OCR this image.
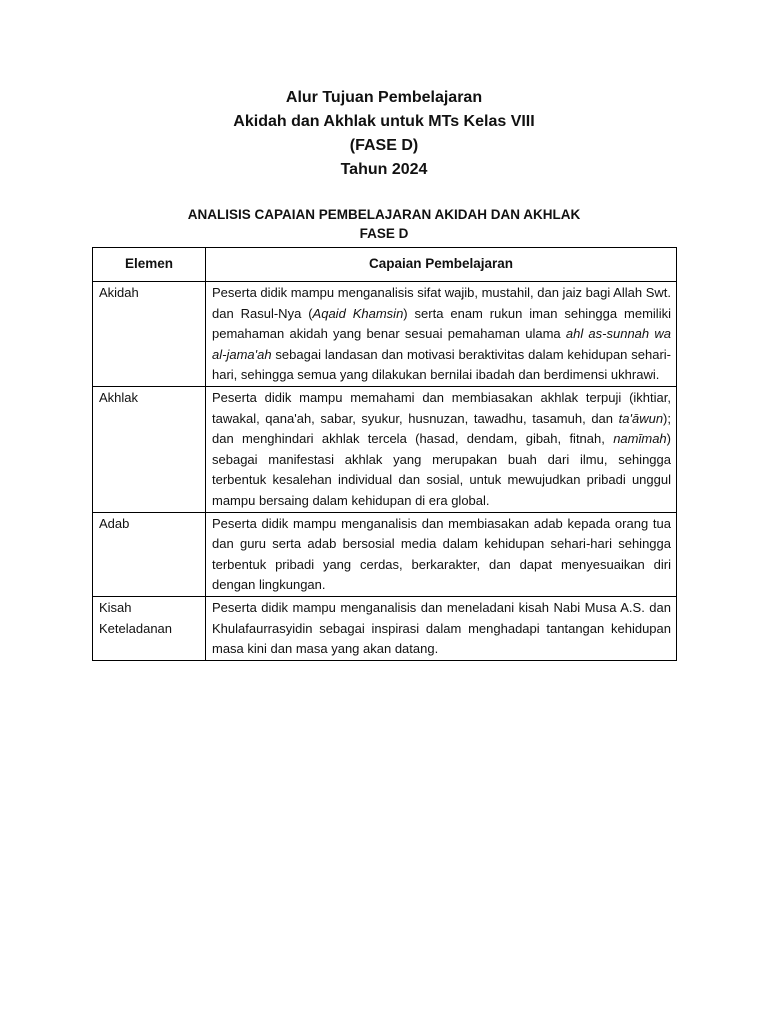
Alur Tujuan Pembelajaran
Akidah dan Akhlak untuk MTs Kelas VIII
(FASE D)
Tahun 2024
ANALISIS CAPAIAN PEMBELAJARAN AKIDAH DAN AKHLAK
FASE D
Elemen	Capaian Pembelajaran
Akidah	Peserta didik mampu menganalisis sifat wajib, mustahil, dan jaiz bagi Allah Swt. dan Rasul-Nya (Aqaid Khamsin) serta enam rukun iman sehingga memiliki pemahaman akidah yang benar sesuai pemahaman ulama ahl as-sunnah wa al-jama'ah sebagai landasan dan motivasi beraktivitas dalam kehidupan sehari-hari, sehingga semua yang dilakukan bernilai ibadah dan berdimensi ukhrawi.
Akhlak	Peserta didik mampu memahami dan membiasakan akhlak terpuji (ikhtiar, tawakal, qana'ah, sabar, syukur, husnuzan, tawadhu, tasamuh, dan ta'āwun); dan menghindari akhlak tercela (hasad, dendam, gibah, fitnah, namīmah) sebagai manifestasi akhlak yang merupakan buah dari ilmu, sehingga terbentuk kesalehan individual dan sosial, untuk mewujudkan pribadi unggul mampu bersaing dalam kehidupan di era global.
Adab	Peserta didik mampu menganalisis dan membiasakan adab kepada orang tua dan guru serta adab bersosial media dalam kehidupan sehari-hari sehingga terbentuk pribadi yang cerdas, berkarakter, dan dapat menyesuaikan diri dengan lingkungan.
Kisah Keteladanan	Peserta didik mampu menganalisis dan meneladani kisah Nabi Musa A.S. dan Khulafaurrasyidin sebagai inspirasi dalam menghadapi tantangan kehidupan masa kini dan masa yang akan datang.
